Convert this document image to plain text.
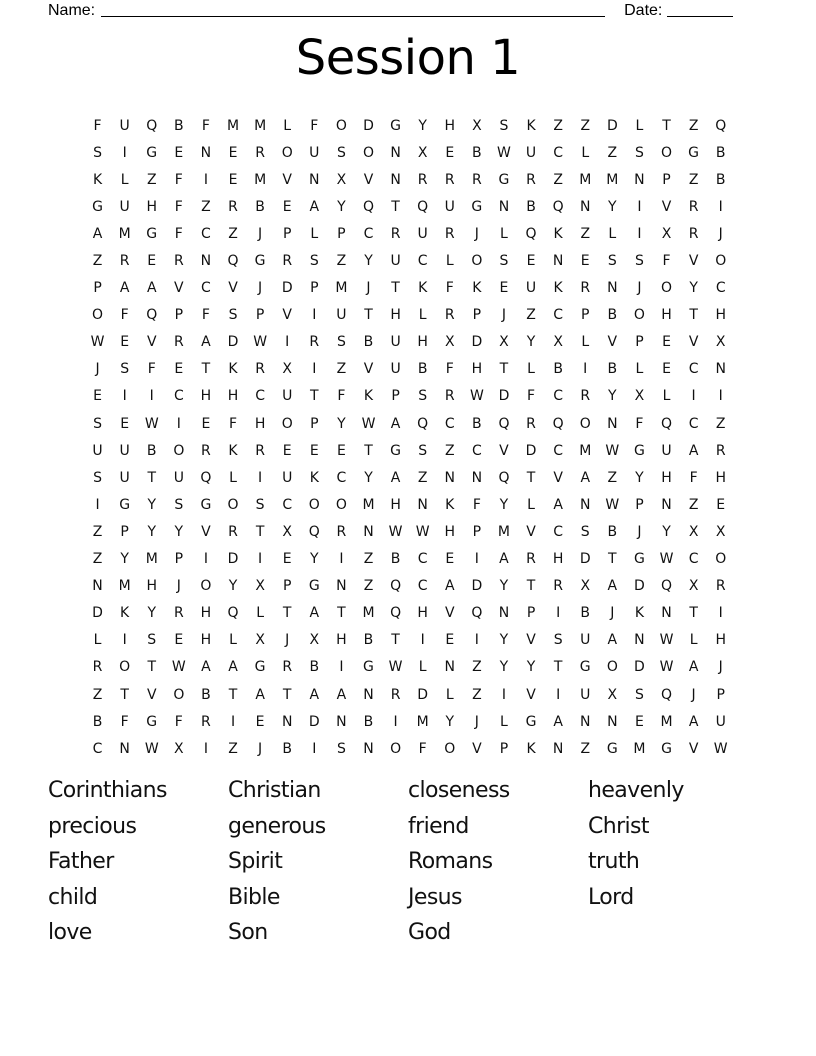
Name:	Date:
Session 1
F	U	Q	B	F	M	M	L	F	O	D	G	Y	H	X	S	K	Z	Z	D	L	T	Z	Q
S	I	G	E	N	E	R	O	U	S	O	N	X	E	B	W	U	C	L	Z	S	O	G	B
K	L	Z	F	I	E	M	V	N	X	V	N	R	R	R	G	R	Z	M	M	N	P	Z	B
G	U	H	F	Z	R	B	E	A	Y	Q	T	Q	U	G	N	B	Q	N	Y	I	V	R	I
A	M	G	F	C	Z	J	P	L	P	C	R	U	R	J	L	Q	K	Z	L	I	X	R	J
Z	R	E	R	N	Q	G	R	S	Z	Y	U	C	L	O	S	E	N	E	S	S	F	V	O
P	A	A	V	C	V	J	D	P	M	J	T	K	F	K	E	U	K	R	N	J	O	Y	C
O	F	Q	P	F	S	P	V	I	U	T	H	L	R	P	J	Z	C	P	B	O	H	T	H
W	E	V	R	A	D	W	I	R	S	B	U	H	X	D	X	Y	X	L	V	P	E	V	X
J	S	F	E	T	K	R	X	I	Z	V	U	B	F	H	T	L	B	I	B	L	E	C	N
E	I	I	C	H	H	C	U	T	F	K	P	S	R	W	D	F	C	R	Y	X	L	I	I
S	E	W	I	E	F	H	O	P	Y	W	A	Q	C	B	Q	R	Q	O	N	F	Q	C	Z
U	U	B	O	R	K	R	E	E	E	T	G	S	Z	C	V	D	C	M	W	G	U	A	R
S	U	T	U	Q	L	I	U	K	C	Y	A	Z	N	N	Q	T	V	A	Z	Y	H	F	H
I	G	Y	S	G	O	S	C	O	O	M	H	N	K	F	Y	L	A	N	W	P	N	Z	E
Z	P	Y	Y	V	R	T	X	Q	R	N	W W	H	P	M	V	C	S	B	J	Y	X	X
Z	Y	M	P	I	D	I	E	Y	I	Z	B	C	E	I	A	R	H	D	T	G	W	C	O
N	M	H	J	O	Y	X	P	G	N	Z	Q	C	A	D	Y	T	R	X	A	D	Q	X	R
D	K	Y	R	H	Q	L	T	A	T	M	Q	H	V	Q	N	P	I	B	J	K	N	T	I
L	I	S	E	H	L	X	J	X	H	B	T	I	E	I	Y	V	S	U	A	N	W	L	H
R	O	T	W	A	A	G	R	B	I	G	W	L	N	Z	Y	Y	T	G	O	D	W	A	J
Z	T	V	O	B	T	A	T	A	A	N	R	D	L	Z	I	V	I	U	X	S	Q	J	P
B	F	G	F	R	I	E	N	D	N	B	I	M	Y	J	L	G	A	N	N	E	M	A	U
C	N	W	X	I	Z	J	B	I	S	N	O	F	O	V	P	K	N	Z	G	M	G	V	W
Corinthians	Christian	closeness	heavenly
precious	generous	friend	Christ
Father	Spirit	Romans	truth
child	Bible	Jesus	Lord
love	Son	God
